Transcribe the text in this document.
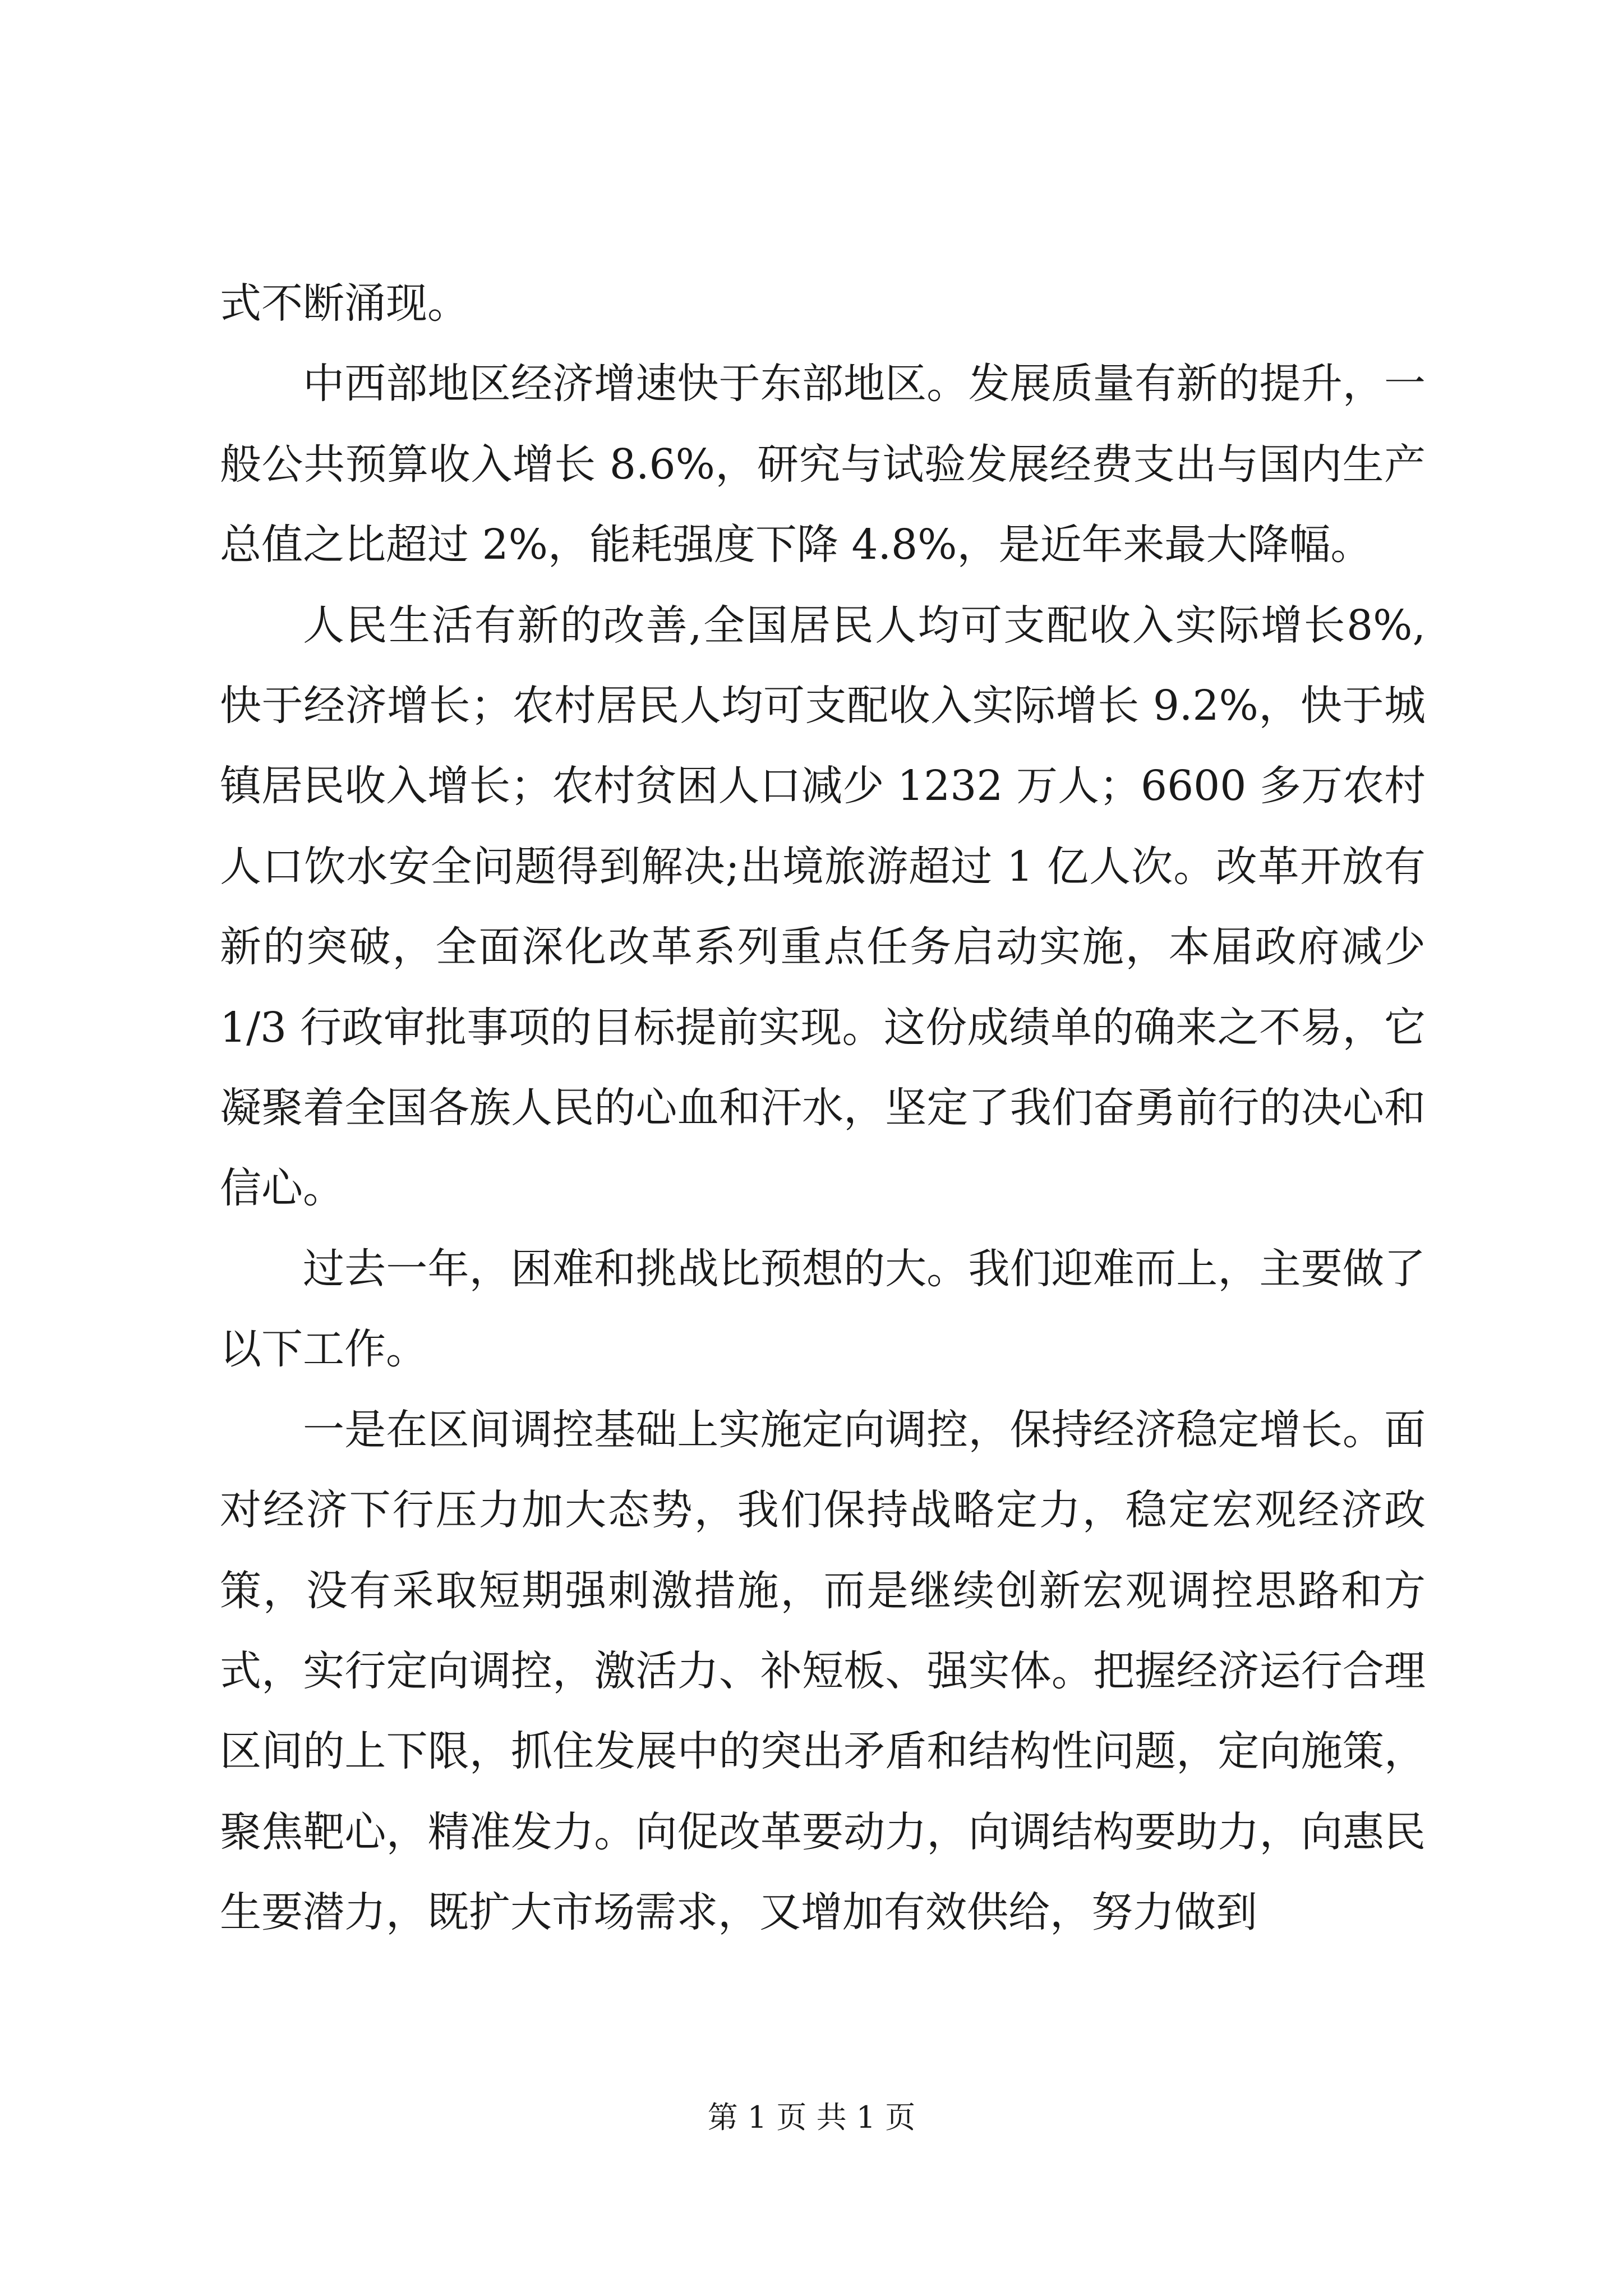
式不断涌现。

中西部地区经济增速快于东部地区。发展质量有新的提升，一般公共预算收入增长 8.6%，研究与试验发展经费支出与国内生产总值之比超过 2%，能耗强度下降 4.8%，是近年来最大降幅。

人民生活有新的改善,全国居民人均可支配收入实际增长8%,快于经济增长；农村居民人均可支配收入实际增长 9.2%，快于城镇居民收入增长；农村贫困人口减少 1232 万人；6600 多万农村人口饮水安全问题得到解决;出境旅游超过 1 亿人次。改革开放有新的突破，全面深化改革系列重点任务启动实施，本届政府减少 1/3 行政审批事项的目标提前实现。这份成绩单的确来之不易，它凝聚着全国各族人民的心血和汗水，坚定了我们奋勇前行的决心和信心。

过去一年，困难和挑战比预想的大。我们迎难而上，主要做了以下工作。

一是在区间调控基础上实施定向调控，保持经济稳定增长。面对经济下行压力加大态势，我们保持战略定力，稳定宏观经济政策，没有采取短期强刺激措施，而是继续创新宏观调控思路和方式，实行定向调控，激活力、补短板、强实体。把握经济运行合理区间的上下限，抓住发展中的突出矛盾和结构性问题，定向施策，聚焦靶心，精准发力。向促改革要动力，向调结构要助力，向惠民生要潜力，既扩大市场需求，又增加有效供给，努力做到

第 1 页 共 1 页
